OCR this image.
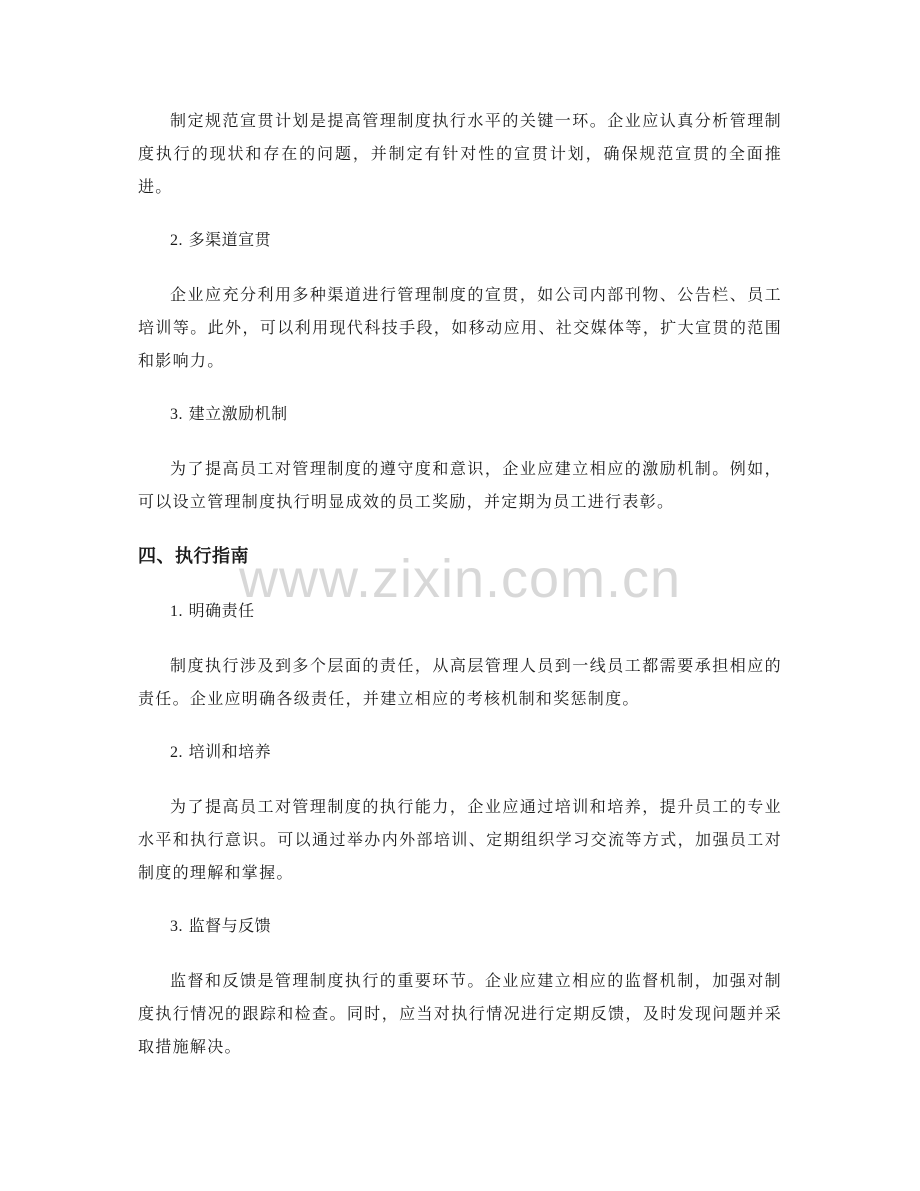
www.zixin.com.cn

制定规范宣贯计划是提高管理制度执行水平的关键一环。企业应认真分析管理制度执行的现状和存在的问题，并制定有针对性的宣贯计划，确保规范宣贯的全面推进。

2. 多渠道宣贯

企业应充分利用多种渠道进行管理制度的宣贯，如公司内部刊物、公告栏、员工培训等。此外，可以利用现代科技手段，如移动应用、社交媒体等，扩大宣贯的范围和影响力。

3. 建立激励机制

为了提高员工对管理制度的遵守度和意识，企业应建立相应的激励机制。例如，可以设立管理制度执行明显成效的员工奖励，并定期为员工进行表彰。

四、执行指南

1. 明确责任

制度执行涉及到多个层面的责任，从高层管理人员到一线员工都需要承担相应的责任。企业应明确各级责任，并建立相应的考核机制和奖惩制度。

2. 培训和培养

为了提高员工对管理制度的执行能力，企业应通过培训和培养，提升员工的专业水平和执行意识。可以通过举办内外部培训、定期组织学习交流等方式，加强员工对制度的理解和掌握。

3. 监督与反馈

监督和反馈是管理制度执行的重要环节。企业应建立相应的监督机制，加强对制度执行情况的跟踪和检查。同时，应当对执行情况进行定期反馈，及时发现问题并采取措施解决。
